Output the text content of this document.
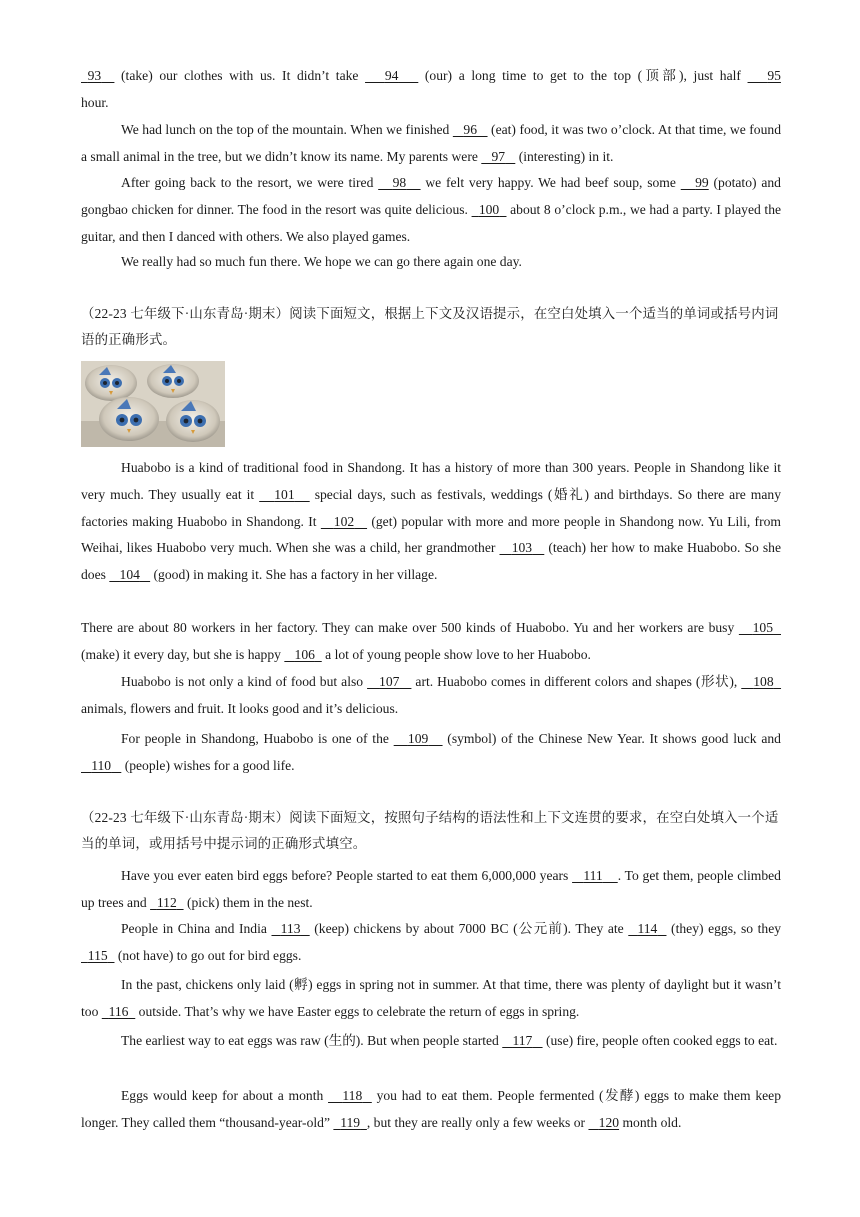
93   (take) our clothes with us. It didn’t take    94    (our) a long time to get to the top (顶部), just half    95
hour.

We had lunch on the top of the mountain. When we finished    96    (eat) food, it was two o’clock. At that time, we found a small animal in the tree, but we didn’t know its name. My parents were    97    (interesting) in it.

After going back to the resort, we were tired    98    we felt very happy. We had beef soup, some    99 (potato) and gongbao chicken for dinner. The food in the resort was quite delicious.   100   about 8 o’clock p.m., we had a party. I played the guitar, and then I danced with others. We also played games.

We really had so much fun there. We hope we can go there again one day.

（22-23 七年级下·山东青岛·期末）阅读下面短文，根据上下文及汉语提示，在空白处填入一个适当的单词或括号内词语的正确形式。

Huabobo is a kind of traditional food in Shandong. It has a history of more than 300 years. People in Shandong like it very much. They usually eat it    101    special days, such as festivals, weddings (婚礼) and birthdays. So there are many factories making Huabobo in Shandong. It    102    (get) popular with more and more people in Shandong now. Yu Lili, from Weihai, likes Huabobo very much. When she was a child, her grandmother    103    (teach) her how to make Huabobo. So she does    104    (good) in making it. She has a factory in her village.

There are about 80 workers in her factory. They can make over 500 kinds of Huabobo. Yu and her workers are busy    105   (make) it every day, but she is happy    106   a lot of young people show love to her Huabobo.

Huabobo is not only a kind of food but also    107    art. Huabobo comes in different colors and shapes (形状),    108   animals, flowers and fruit. It looks good and it’s delicious.

For people in Shandong, Huabobo is one of the    109    (symbol) of the Chinese New Year. It shows good luck and    110    (people) wishes for a good life.

（22-23 七年级下·山东青岛·期末）阅读下面短文，按照句子结构的语法性和上下文连贯的要求，在空白处填入一个适当的单词，或用括号中提示词的正确形式填空。

Have you ever eaten bird eggs before? People started to eat them 6,000,000 years    111 . To get them, people climbed up trees and   112   (pick) them in the nest.

People in China and India   113   (keep) chickens by about 7000 BC (公元前). They ate   114   (they) eggs, so they   115   (not have) to go out for bird eggs.

In the past, chickens only laid (孵) eggs in spring not in summer. At that time, there was plenty of daylight but it wasn’t too   116   outside. That’s why we have Easter eggs to celebrate the return of eggs in spring.

The earliest way to eat eggs was raw (生的). But when people started    117    (use) fire, people often cooked eggs to eat.

Eggs would keep for about a month    118   you had to eat them. People fermented (发酵) eggs to make them keep longer. They called them “thousand-year-old”   119 , but they are really only a few weeks or    120 month old.
